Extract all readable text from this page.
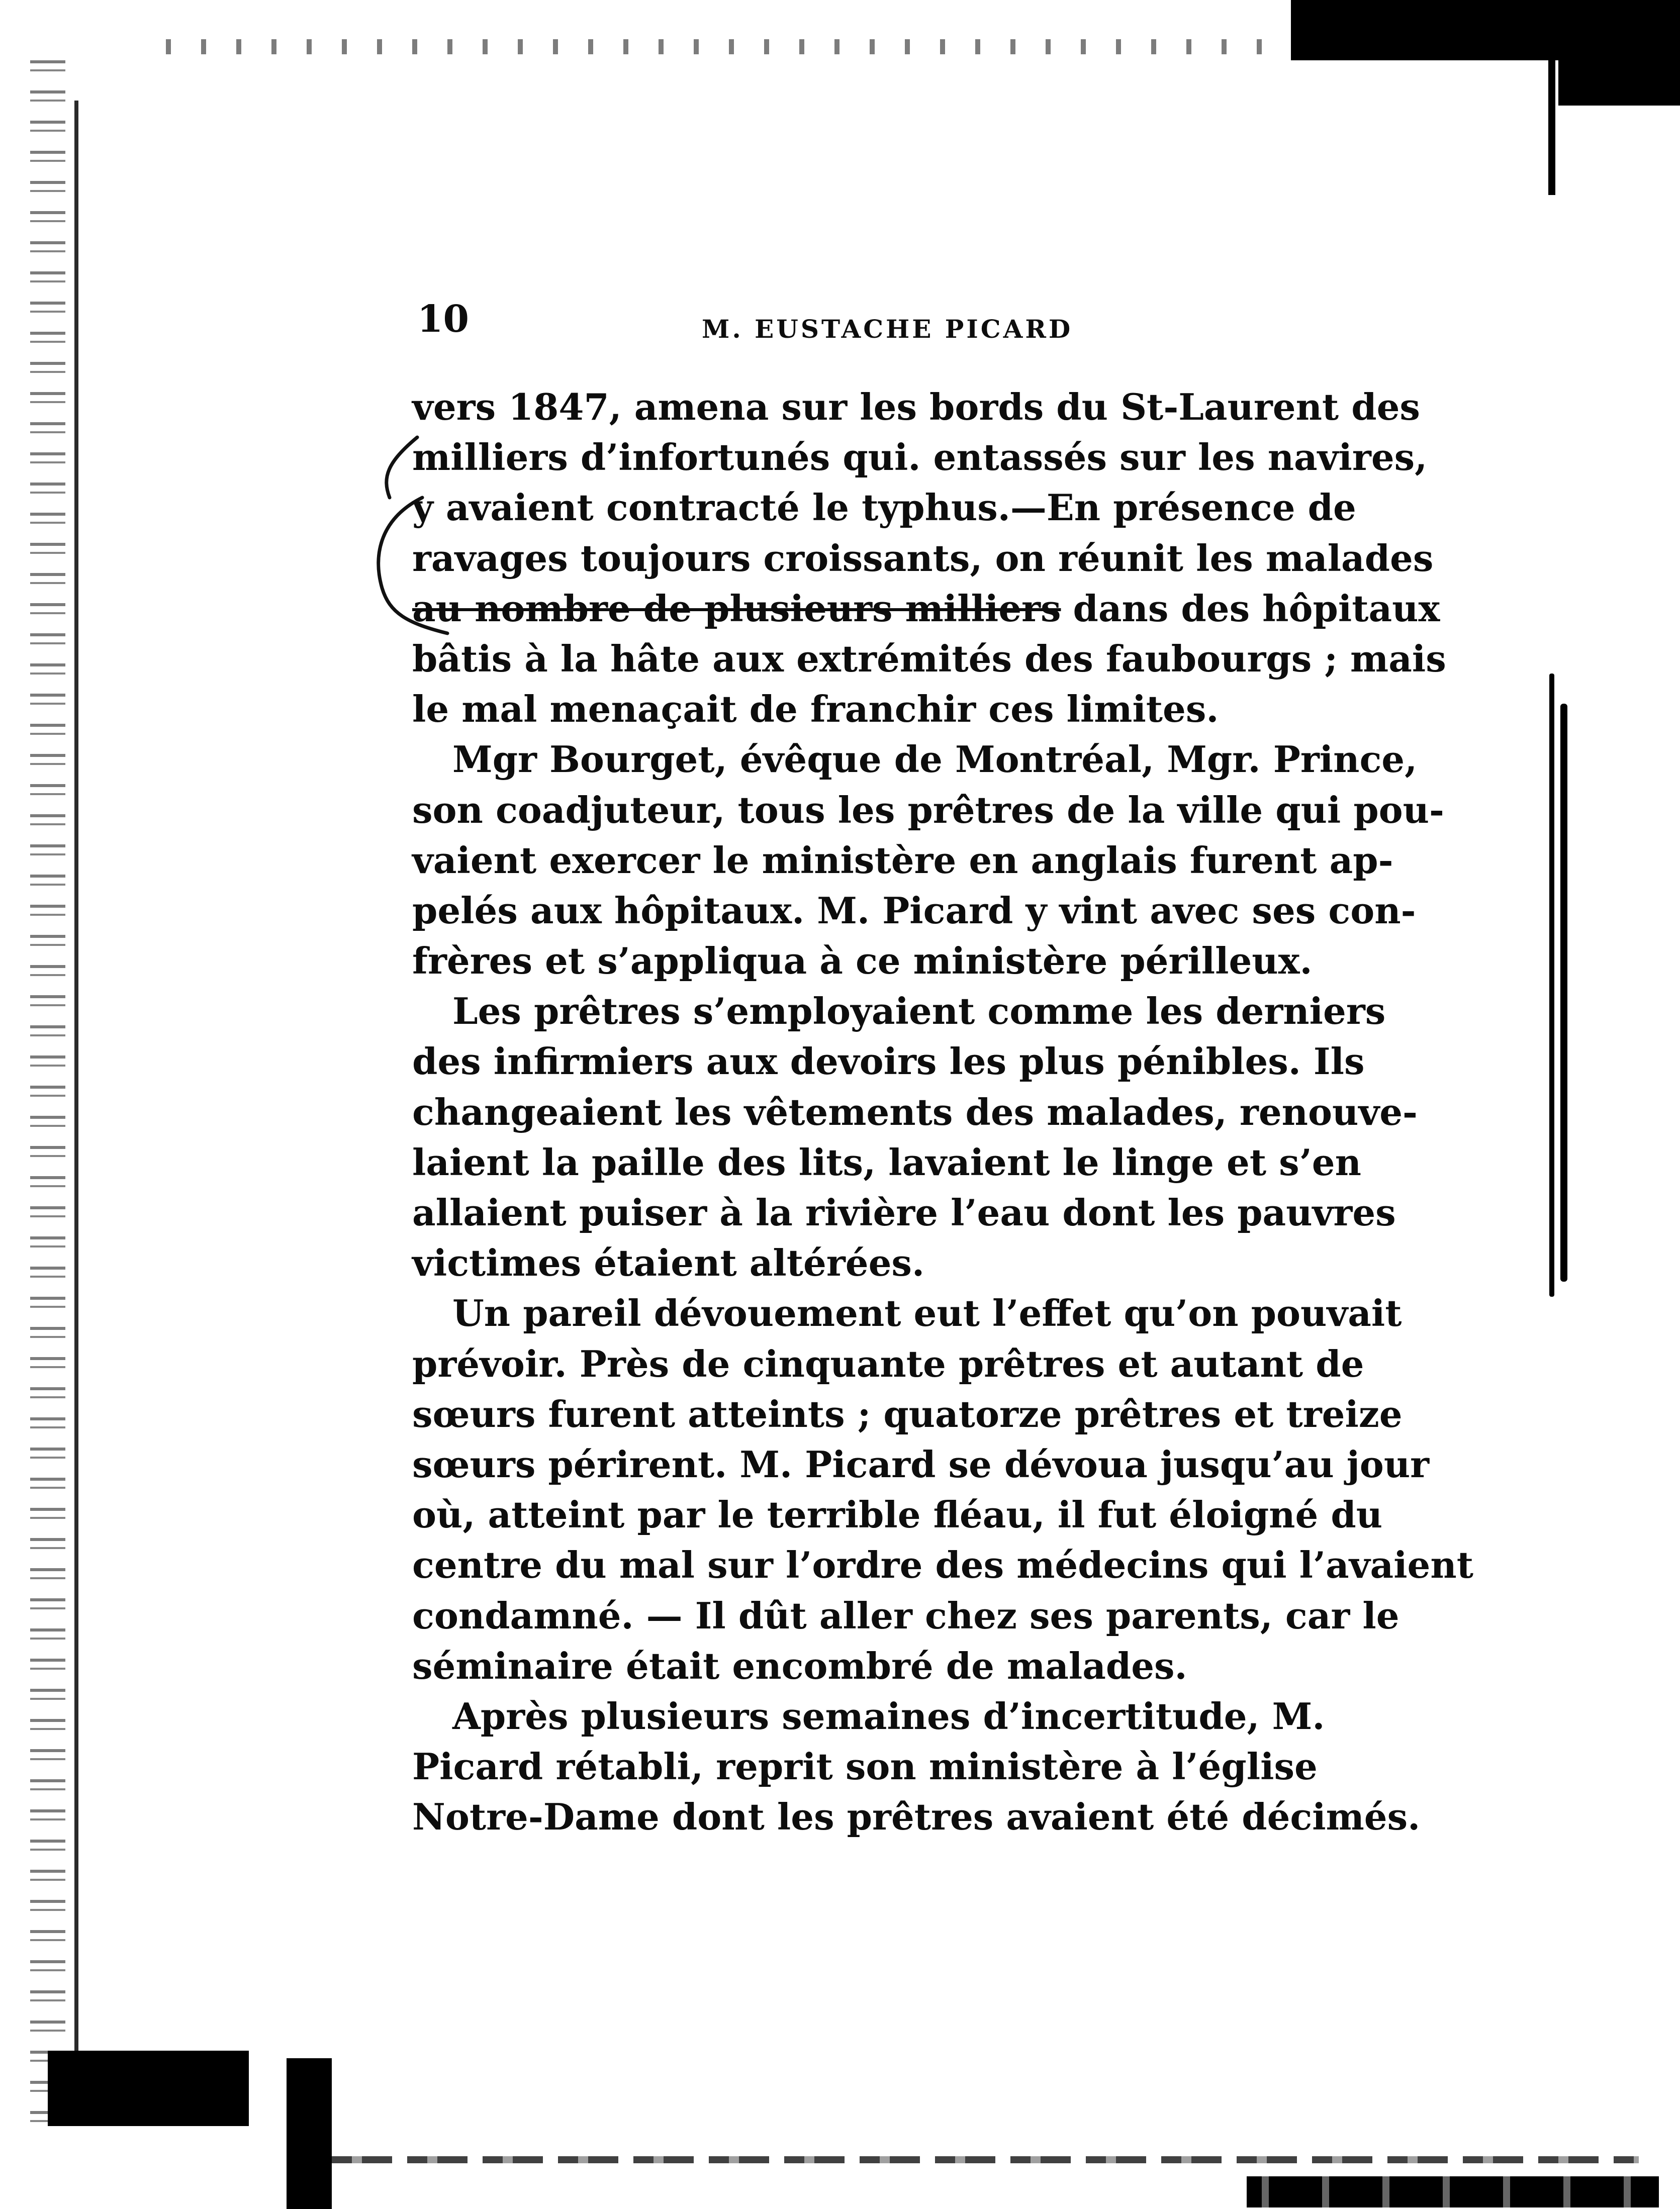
10	M. EUSTACHE PICARD
vers 1847, amena sur les bords du St-Laurent des
milliers d’infortunés qui. entassés sur les navires,
y avaient contracté le typhus.—En présence de
ravages toujours croissants, on réunit les malades
au nombre de plusieurs milliers dans des hôpitaux
bâtis à la hâte aux extrémités des faubourgs ; mais
le mal menaçait de franchir ces limites.
Mgr Bourget, évêque de Montréal, Mgr. Prince,
son coadjuteur, tous les prêtres de la ville qui pou-
vaient exercer le ministère en anglais furent ap-
pelés aux hôpitaux. M. Picard y vint avec ses con-
frères et s’appliqua à ce ministère périlleux.
Les prêtres s’employaient comme les derniers
des infirmiers aux devoirs les plus pénibles. Ils
changeaient les vêtements des malades, renouve-
laient la paille des lits, lavaient le linge et s’en
allaient puiser à la rivière l’eau dont les pauvres
victimes étaient altérées.
Un pareil dévouement eut l’effet qu’on pouvait
prévoir. Près de cinquante prêtres et autant de
sœurs furent atteints ; quatorze prêtres et treize
sœurs périrent. M. Picard se dévoua jusqu’au jour
où, atteint par le terrible fléau, il fut éloigné du
centre du mal sur l’ordre des médecins qui l’avaient
condamné. — Il dût aller chez ses parents, car le
séminaire était encombré de malades.
Après plusieurs semaines d’incertitude, M.
Picard rétabli, reprit son ministère à l’église
Notre-Dame dont les prêtres avaient été décimés.
